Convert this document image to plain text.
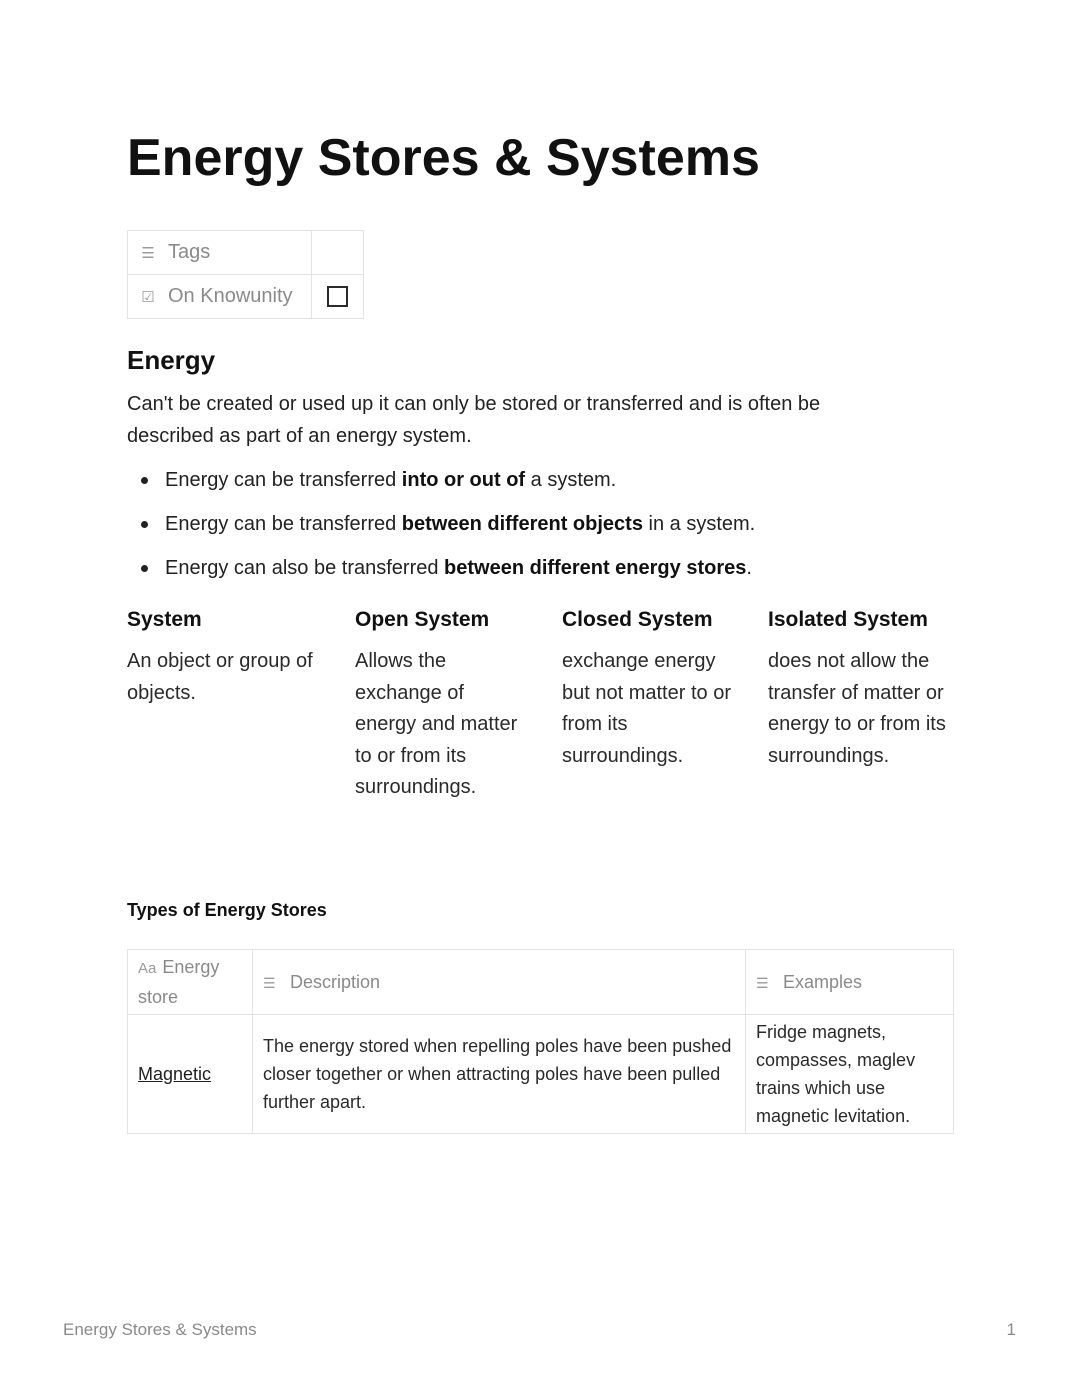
Energy Stores & Systems
☰ Tags	

☑ On Knowunity	

Energy

Can't be created or used up it can only be stored or transferred and is often be described as part of an energy system.

Energy can be transferred into or out of a system.
Energy can be transferred between different objects in a system.
Energy can also be transferred between different energy stores.

System

An object or group of objects.

Open System

Allows the exchange of energy and matter to or from its surroundings.

Closed System

exchange energy but not matter to or from its surroundings.

Isolated System

does not allow the transfer of matter or energy to or from its surroundings.

Types of Energy Stores
Aa Energy store	☰ Description	☰ Examples
Magnetic	The energy stored when repelling poles have been pushed closer together or when attracting poles have been pulled further apart.	Fridge magnets, compasses, maglev trains which use magnetic levitation.
Energy Stores & Systems	1
